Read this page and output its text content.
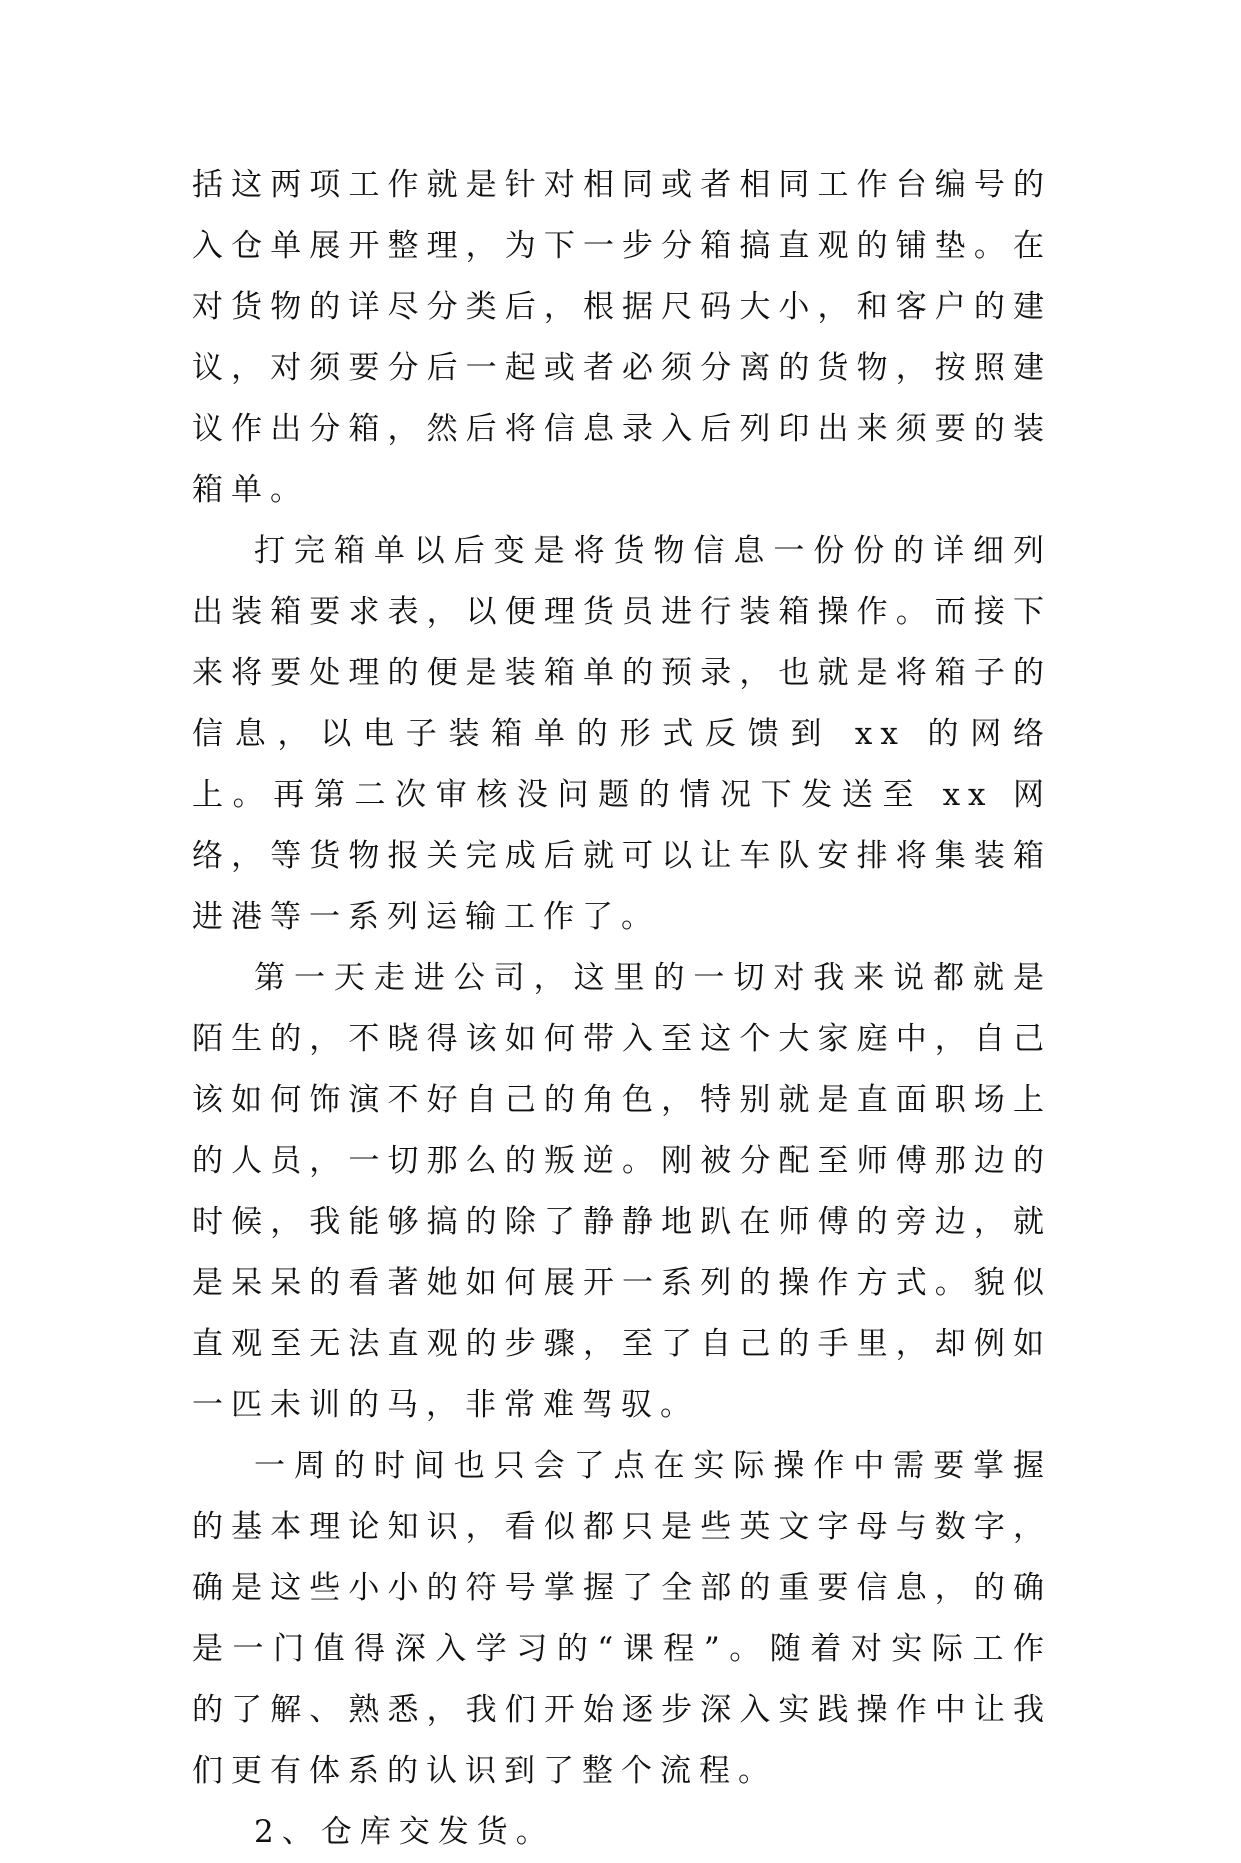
括这两项工作就是针对相同或者相同工作台编号的入仓单展开整理，为下一步分箱搞直观的铺垫。在对货物的详尽分类后，根据尺码大小，和客户的建议，对须要分后一起或者必须分离的货物，按照建议作出分箱，然后将信息录入后列印出来须要的装箱单。

打完箱单以后变是将货物信息一份份的详细列出装箱要求表，以便理货员进行装箱操作。而接下来将要处理的便是装箱单的预录，也就是将箱子的信息，以电子装箱单的形式反馈到 xx 的网络上。再第二次审核没问题的情况下发送至 xx 网络，等货物报关完成后就可以让车队安排将集装箱进港等一系列运输工作了。

第一天走进公司，这里的一切对我来说都就是陌生的，不晓得该如何带入至这个大家庭中，自己该如何饰演不好自己的角色，特别就是直面职场上的人员，一切那么的叛逆。刚被分配至师傅那边的时候，我能够搞的除了静静地趴在师傅的旁边，就是呆呆的看著她如何展开一系列的操作方式。貌似直观至无法直观的步骤，至了自己的手里，却例如一匹未训的马，非常难驾驭。

一周的时间也只会了点在实际操作中需要掌握的基本理论知识，看似都只是些英文字母与数字，确是这些小小的符号掌握了全部的重要信息，的确是一门值得深入学习的“课程”。随着对实际工作的了解、熟悉，我们开始逐步深入实践操作中让我们更有体系的认识到了整个流程。

2、仓库交发货。
